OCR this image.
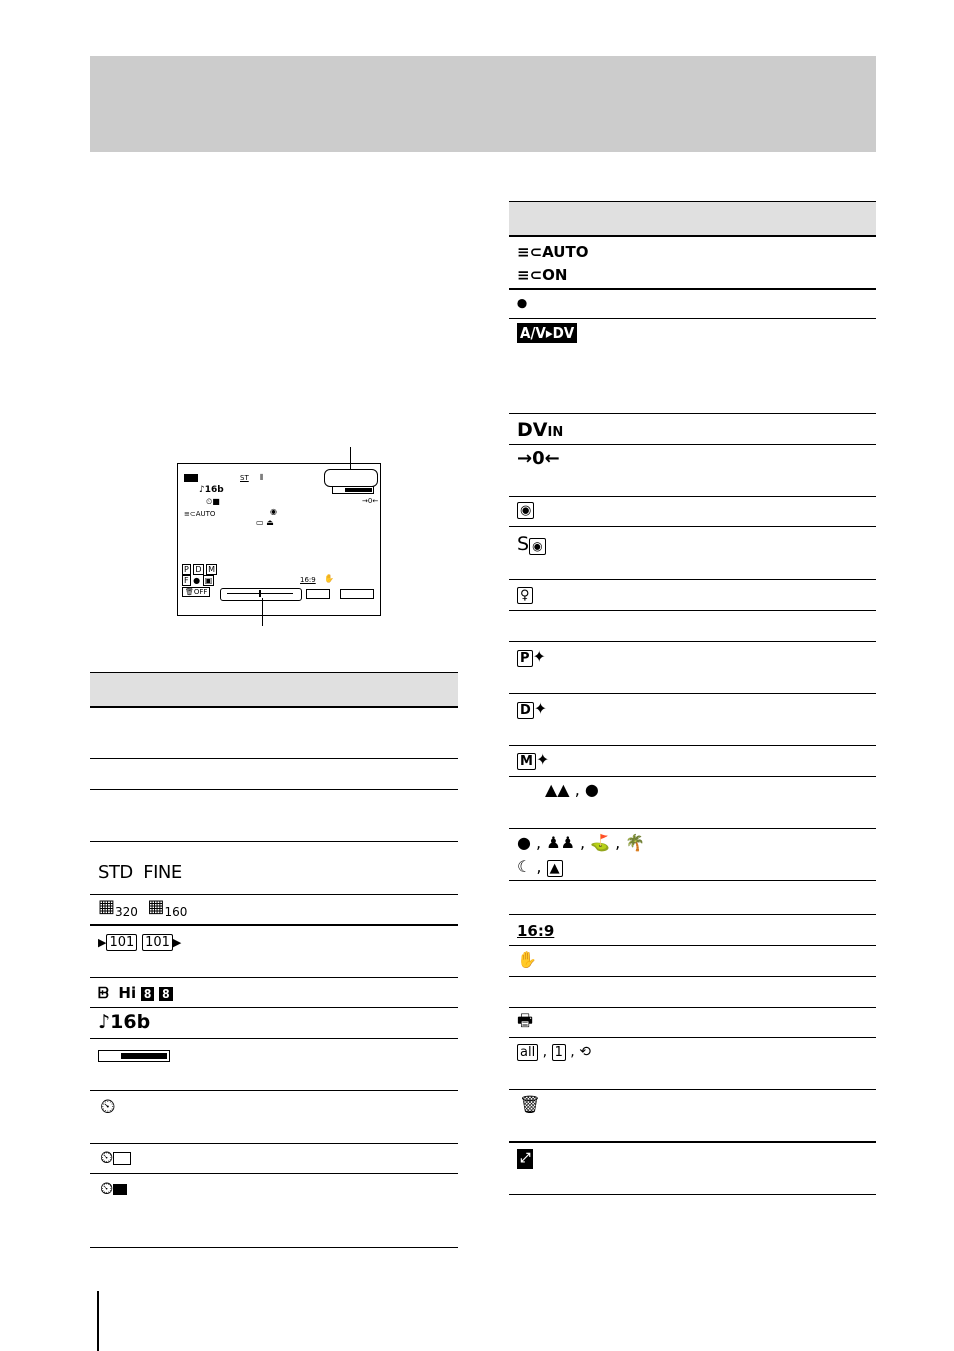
ST ⦀
♪16b
⏲■	→0←
◉
≡⊂AUTO
▭ ⏏
P D M
F ● ▣	16:9 ✋
🗑OFF
STD FINE
$▦_{320}$ $▦_{160}$
▶ 101 101 ▶
ᗸ Hi 8 8
♪16b
⏲
⏲
⏲
≡⊂AUTO
≡⊂ON
⏺
A/V▸DV
DVIN
→0←
◉
S ◉
♀
P ✦
D ✦
M ✦
▲▲ , ●
● , ♟♟ , ⛳ , 🌴
☾ , ▲
16:9
✋
🖶
all , 1 , ⟲
🗑
⤢
